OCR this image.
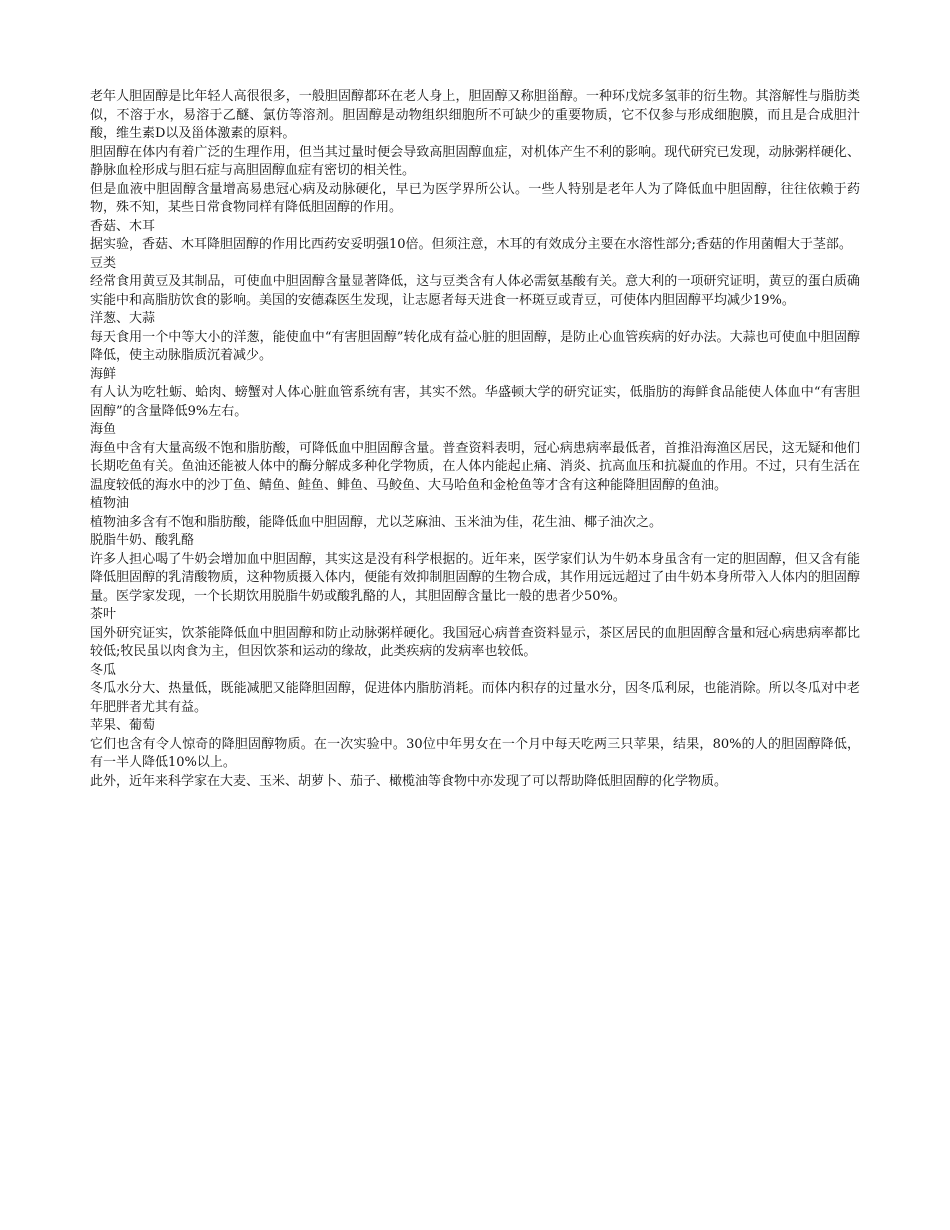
老年人胆固醇是比年轻人高很很多，一般胆固醇都环在老人身上，胆固醇又称胆甾醇。一种环戊烷多氢菲的衍生物。其溶解性与脂肪类似，不溶于水，易溶于乙醚、氯仿等溶剂。胆固醇是动物组织细胞所不可缺少的重要物质，它不仅参与形成细胞膜，而且是合成胆汁酸，维生素D以及甾体激素的原料。

胆固醇在体内有着广泛的生理作用，但当其过量时便会导致高胆固醇血症，对机体产生不利的影响。现代研究已发现，动脉粥样硬化、静脉血栓形成与胆石症与高胆固醇血症有密切的相关性。

但是血液中胆固醇含量增高易患冠心病及动脉硬化，早已为医学界所公认。一些人特别是老年人为了降低血中胆固醇，往往依赖于药物，殊不知，某些日常食物同样有降低胆固醇的作用。

香菇、木耳

据实验，香菇、木耳降胆固醇的作用比西药安妥明强10倍。但须注意，木耳的有效成分主要在水溶性部分;香菇的作用菌帽大于茎部。

豆类

经常食用黄豆及其制品，可使血中胆固醇含量显著降低，这与豆类含有人体必需氨基酸有关。意大利的一项研究证明，黄豆的蛋白质确实能中和高脂肪饮食的影响。美国的安德森医生发现，让志愿者每天进食一杯斑豆或青豆，可使体内胆固醇平均减少19%。

洋葱、大蒜

每天食用一个中等大小的洋葱，能使血中“有害胆固醇”转化成有益心脏的胆固醇，是防止心血管疾病的好办法。大蒜也可使血中胆固醇降低，使主动脉脂质沉着减少。

海鲜

有人认为吃牡蛎、蛤肉、螃蟹对人体心脏血管系统有害，其实不然。华盛顿大学的研究证实，低脂肪的海鲜食品能使人体血中“有害胆固醇”的含量降低9%左右。

海鱼

海鱼中含有大量高级不饱和脂肪酸，可降低血中胆固醇含量。普查资料表明，冠心病患病率最低者，首推沿海渔区居民，这无疑和他们长期吃鱼有关。鱼油还能被人体中的酶分解成多种化学物质，在人体内能起止痛、消炎、抗高血压和抗凝血的作用。不过，只有生活在温度较低的海水中的沙丁鱼、鲭鱼、鲑鱼、鲱鱼、马鲛鱼、大马哈鱼和金枪鱼等才含有这种能降胆固醇的鱼油。

植物油

植物油多含有不饱和脂肪酸，能降低血中胆固醇，尤以芝麻油、玉米油为佳，花生油、椰子油次之。

脱脂牛奶、酸乳酪

许多人担心喝了牛奶会增加血中胆固醇，其实这是没有科学根据的。近年来，医学家们认为牛奶本身虽含有一定的胆固醇，但又含有能降低胆固醇的乳清酸物质，这种物质摄入体内，便能有效抑制胆固醇的生物合成，其作用远远超过了由牛奶本身所带入人体内的胆固醇量。医学家发现，一个长期饮用脱脂牛奶或酸乳酪的人，其胆固醇含量比一般的患者少50%。

茶叶

国外研究证实，饮茶能降低血中胆固醇和防止动脉粥样硬化。我国冠心病普查资料显示，茶区居民的血胆固醇含量和冠心病患病率都比较低;牧民虽以肉食为主，但因饮茶和运动的缘故，此类疾病的发病率也较低。

冬瓜

冬瓜水分大、热量低，既能减肥又能降胆固醇，促进体内脂肪消耗。而体内积存的过量水分，因冬瓜利尿，也能消除。所以冬瓜对中老年肥胖者尤其有益。

苹果、葡萄

它们也含有令人惊奇的降胆固醇物质。在一次实验中。30位中年男女在一个月中每天吃两三只苹果，结果，80%的人的胆固醇降低，有一半人降低10%以上。

此外，近年来科学家在大麦、玉米、胡萝卜、茄子、橄榄油等食物中亦发现了可以帮助降低胆固醇的化学物质。
